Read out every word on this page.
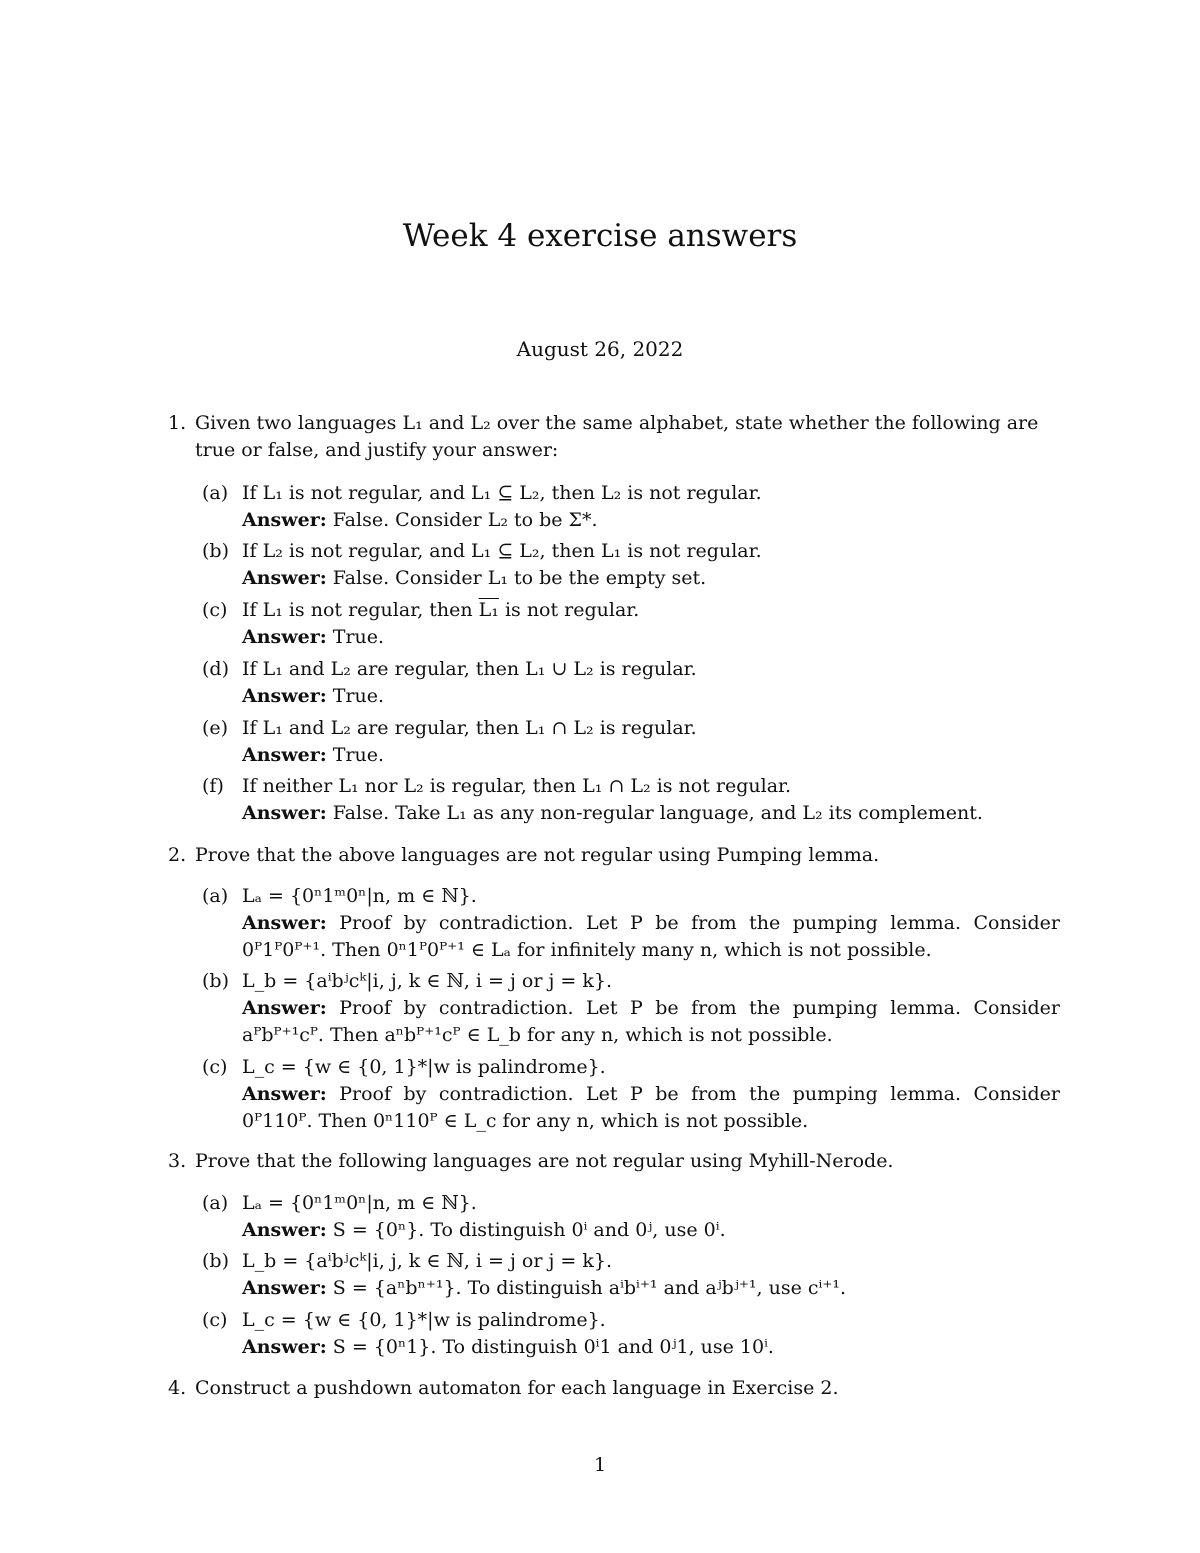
Week 4 exercise answers
August 26, 2022
1. Given two languages L₁ and L₂ over the same alphabet, state whether the following are true or false, and justify your answer:
(a) If L₁ is not regular, and L₁ ⊆ L₂, then L₂ is not regular.
Answer: False. Consider L₂ to be Σ*.
(b) If L₂ is not regular, and L₁ ⊆ L₂, then L₁ is not regular.
Answer: False. Consider L₁ to be the empty set.
(c) If L₁ is not regular, then L₁ is not regular.
Answer: True.
(d) If L₁ and L₂ are regular, then L₁ ∪ L₂ is regular.
Answer: True.
(e) If L₁ and L₂ are regular, then L₁ ∩ L₂ is regular.
Answer: True.
(f) If neither L₁ nor L₂ is regular, then L₁ ∩ L₂ is not regular.
Answer: False. Take L₁ as any non-regular language, and L₂ its complement.
2. Prove that the above languages are not regular using Pumping lemma.
(a) Lₐ = {0ⁿ1ᵐ0ⁿ|n, m ∈ ℕ}.
Answer: Proof by contradiction. Let P be from the pumping lemma. Consider 0ᴾ1ᴾ0ᴾ⁺¹. Then 0ⁿ1ᴾ0ᴾ⁺¹ ∈ Lₐ for infinitely many n, which is not possible.
(b) L_b = {aⁱbʲcᵏ|i, j, k ∈ ℕ, i = j or j = k}.
Answer: Proof by contradiction. Let P be from the pumping lemma. Consider aᴾbᴾ⁺¹cᴾ. Then aⁿbᴾ⁺¹cᴾ ∈ L_b for any n, which is not possible.
(c) L_c = {w ∈ {0, 1}*|w is palindrome}.
Answer: Proof by contradiction. Let P be from the pumping lemma. Consider 0ᴾ110ᴾ. Then 0ⁿ110ᴾ ∈ L_c for any n, which is not possible.
3. Prove that the following languages are not regular using Myhill-Nerode.
(a) Lₐ = {0ⁿ1ᵐ0ⁿ|n, m ∈ ℕ}.
Answer: S = {0ⁿ}. To distinguish 0ⁱ and 0ʲ, use 0ⁱ.
(b) L_b = {aⁱbʲcᵏ|i, j, k ∈ ℕ, i = j or j = k}.
Answer: S = {aⁿbⁿ⁺¹}. To distinguish aⁱbⁱ⁺¹ and aʲbʲ⁺¹, use cⁱ⁺¹.
(c) L_c = {w ∈ {0, 1}*|w is palindrome}.
Answer: S = {0ⁿ1}. To distinguish 0ⁱ1 and 0ʲ1, use 10ⁱ.
4. Construct a pushdown automaton for each language in Exercise 2.
1
